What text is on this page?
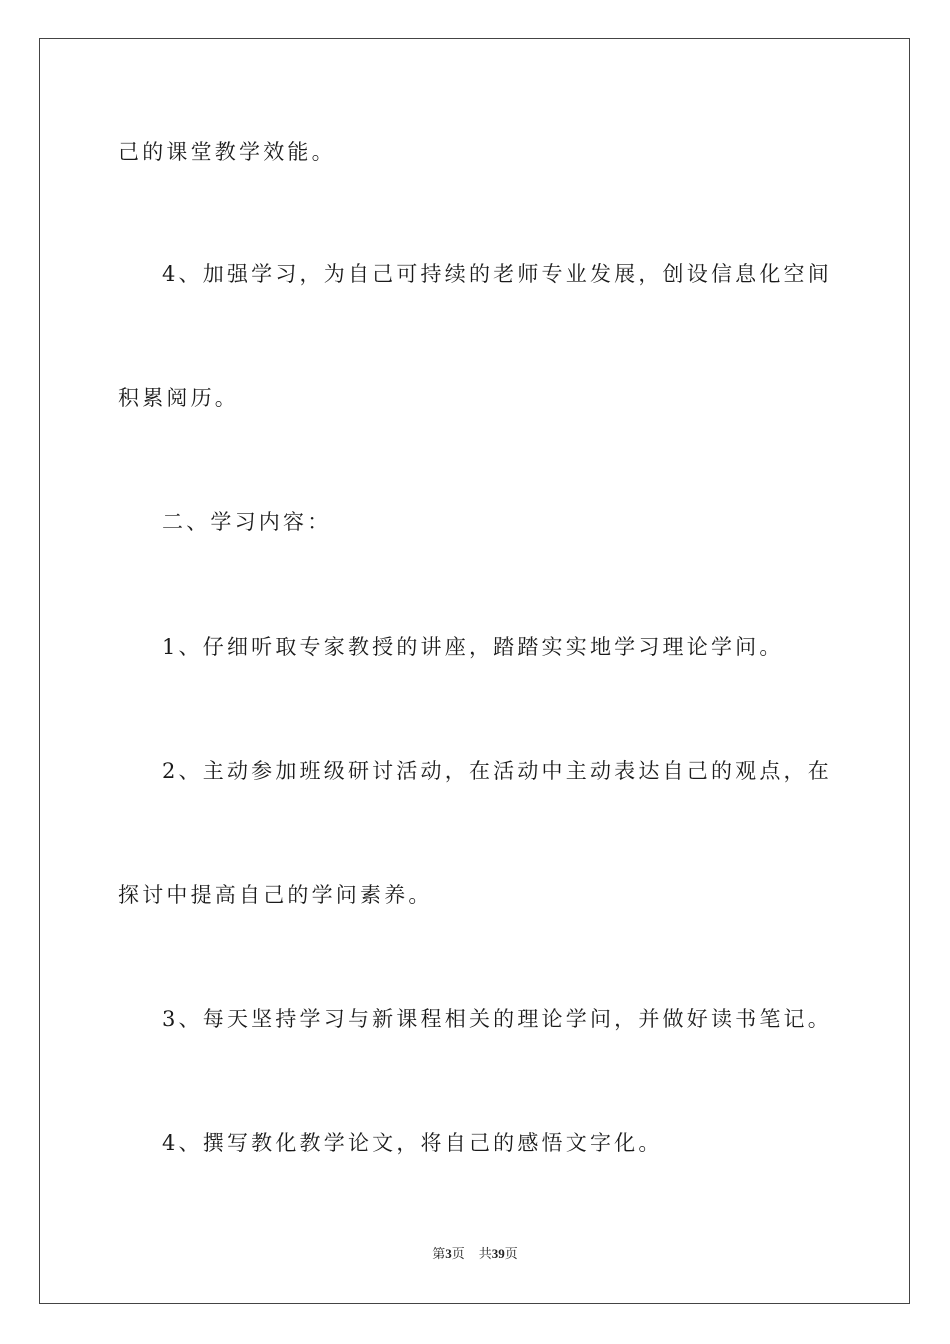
己的课堂教学效能。
4、加强学习，为自己可持续的老师专业发展，创设信息化空间
积累阅历。
二、学习内容：
1、仔细听取专家教授的讲座，踏踏实实地学习理论学问。
2、主动参加班级研讨活动，在活动中主动表达自己的观点，在
探讨中提高自己的学问素养。
3、每天坚持学习与新课程相关的理论学问，并做好读书笔记。
4、撰写教化教学论文，将自己的感悟文字化。
第3页 共39页
